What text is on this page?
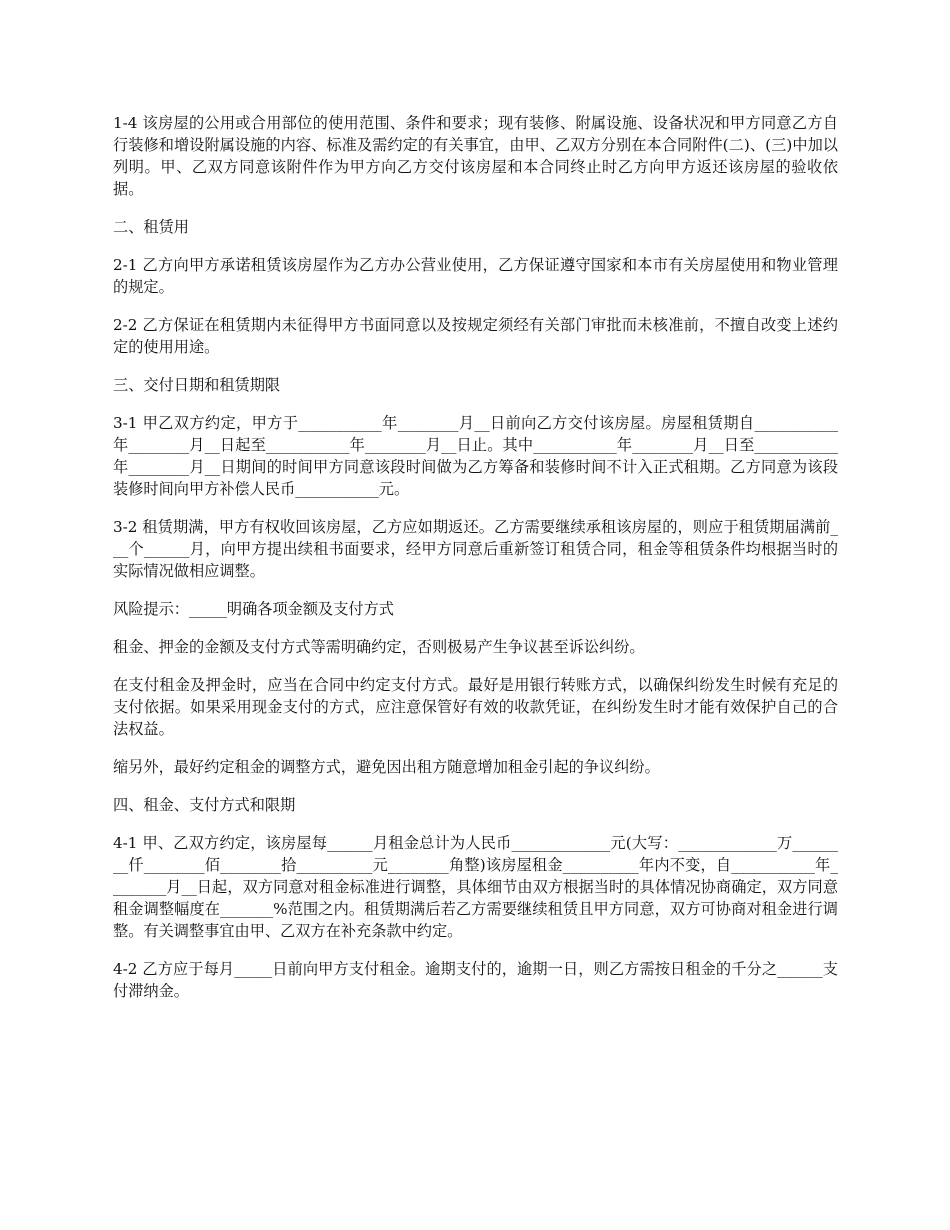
1-4 该房屋的公用或合用部位的使用范围、条件和要求；现有装修、附属设施、设备状况和甲方同意乙方自行装修和增设附属设施的内容、标准及需约定的有关事宜，由甲、乙双方分别在本合同附件(二)、(三)中加以列明。甲、乙双方同意该附件作为甲方向乙方交付该房屋和本合同终止时乙方向甲方返还该房屋的验收依据。

二、租赁用

2-1 乙方向甲方承诺租赁该房屋作为乙方办公营业使用，乙方保证遵守国家和本市有关房屋使用和物业管理的规定。

2-2 乙方保证在租赁期内未征得甲方书面同意以及按规定须经有关部门审批而未核准前，不擅自改变上述约定的使用用途。

三、交付日期和租赁期限

3-1 甲乙双方约定，甲方于___________年________月__日前向乙方交付该房屋。房屋租赁期自___________年________月__日起至___________年________月__日止。其中___________年________月__日至___________年________月__日期间的时间甲方同意该段时间做为乙方筹备和装修时间不计入正式租期。乙方同意为该段装修时间向甲方补偿人民币___________元。

3-2 租赁期满，甲方有权收回该房屋，乙方应如期返还。乙方需要继续承租该房屋的，则应于租赁期届满前___个______月，向甲方提出续租书面要求，经甲方同意后重新签订租赁合同，租金等租赁条件均根据当时的实际情况做相应调整。

风险提示：_____明确各项金额及支付方式

租金、押金的金额及支付方式等需明确约定，否则极易产生争议甚至诉讼纠纷。

在支付租金及押金时，应当在合同中约定支付方式。最好是用银行转账方式，以确保纠纷发生时候有充足的支付依据。如果采用现金支付的方式，应注意保管好有效的收款凭证，在纠纷发生时才能有效保护自己的合法权益。

缩另外，最好约定租金的调整方式，避免因出租方随意增加租金引起的争议纠纷。

四、租金、支付方式和限期

4-1 甲、乙双方约定，该房屋每______月租金总计为人民币_____________元(大写：_____________万________仟________佰________拾__________元________角整)该房屋租金__________年内不变，自___________年________月__日起，双方同意对租金标准进行调整，具体细节由双方根据当时的具体情况协商确定，双方同意租金调整幅度在_______%范围之内。租赁期满后若乙方需要继续租赁且甲方同意，双方可协商对租金进行调整。有关调整事宜由甲、乙双方在补充条款中约定。

4-2 乙方应于每月_____日前向甲方支付租金。逾期支付的，逾期一日，则乙方需按日租金的千分之______支付滞纳金。
